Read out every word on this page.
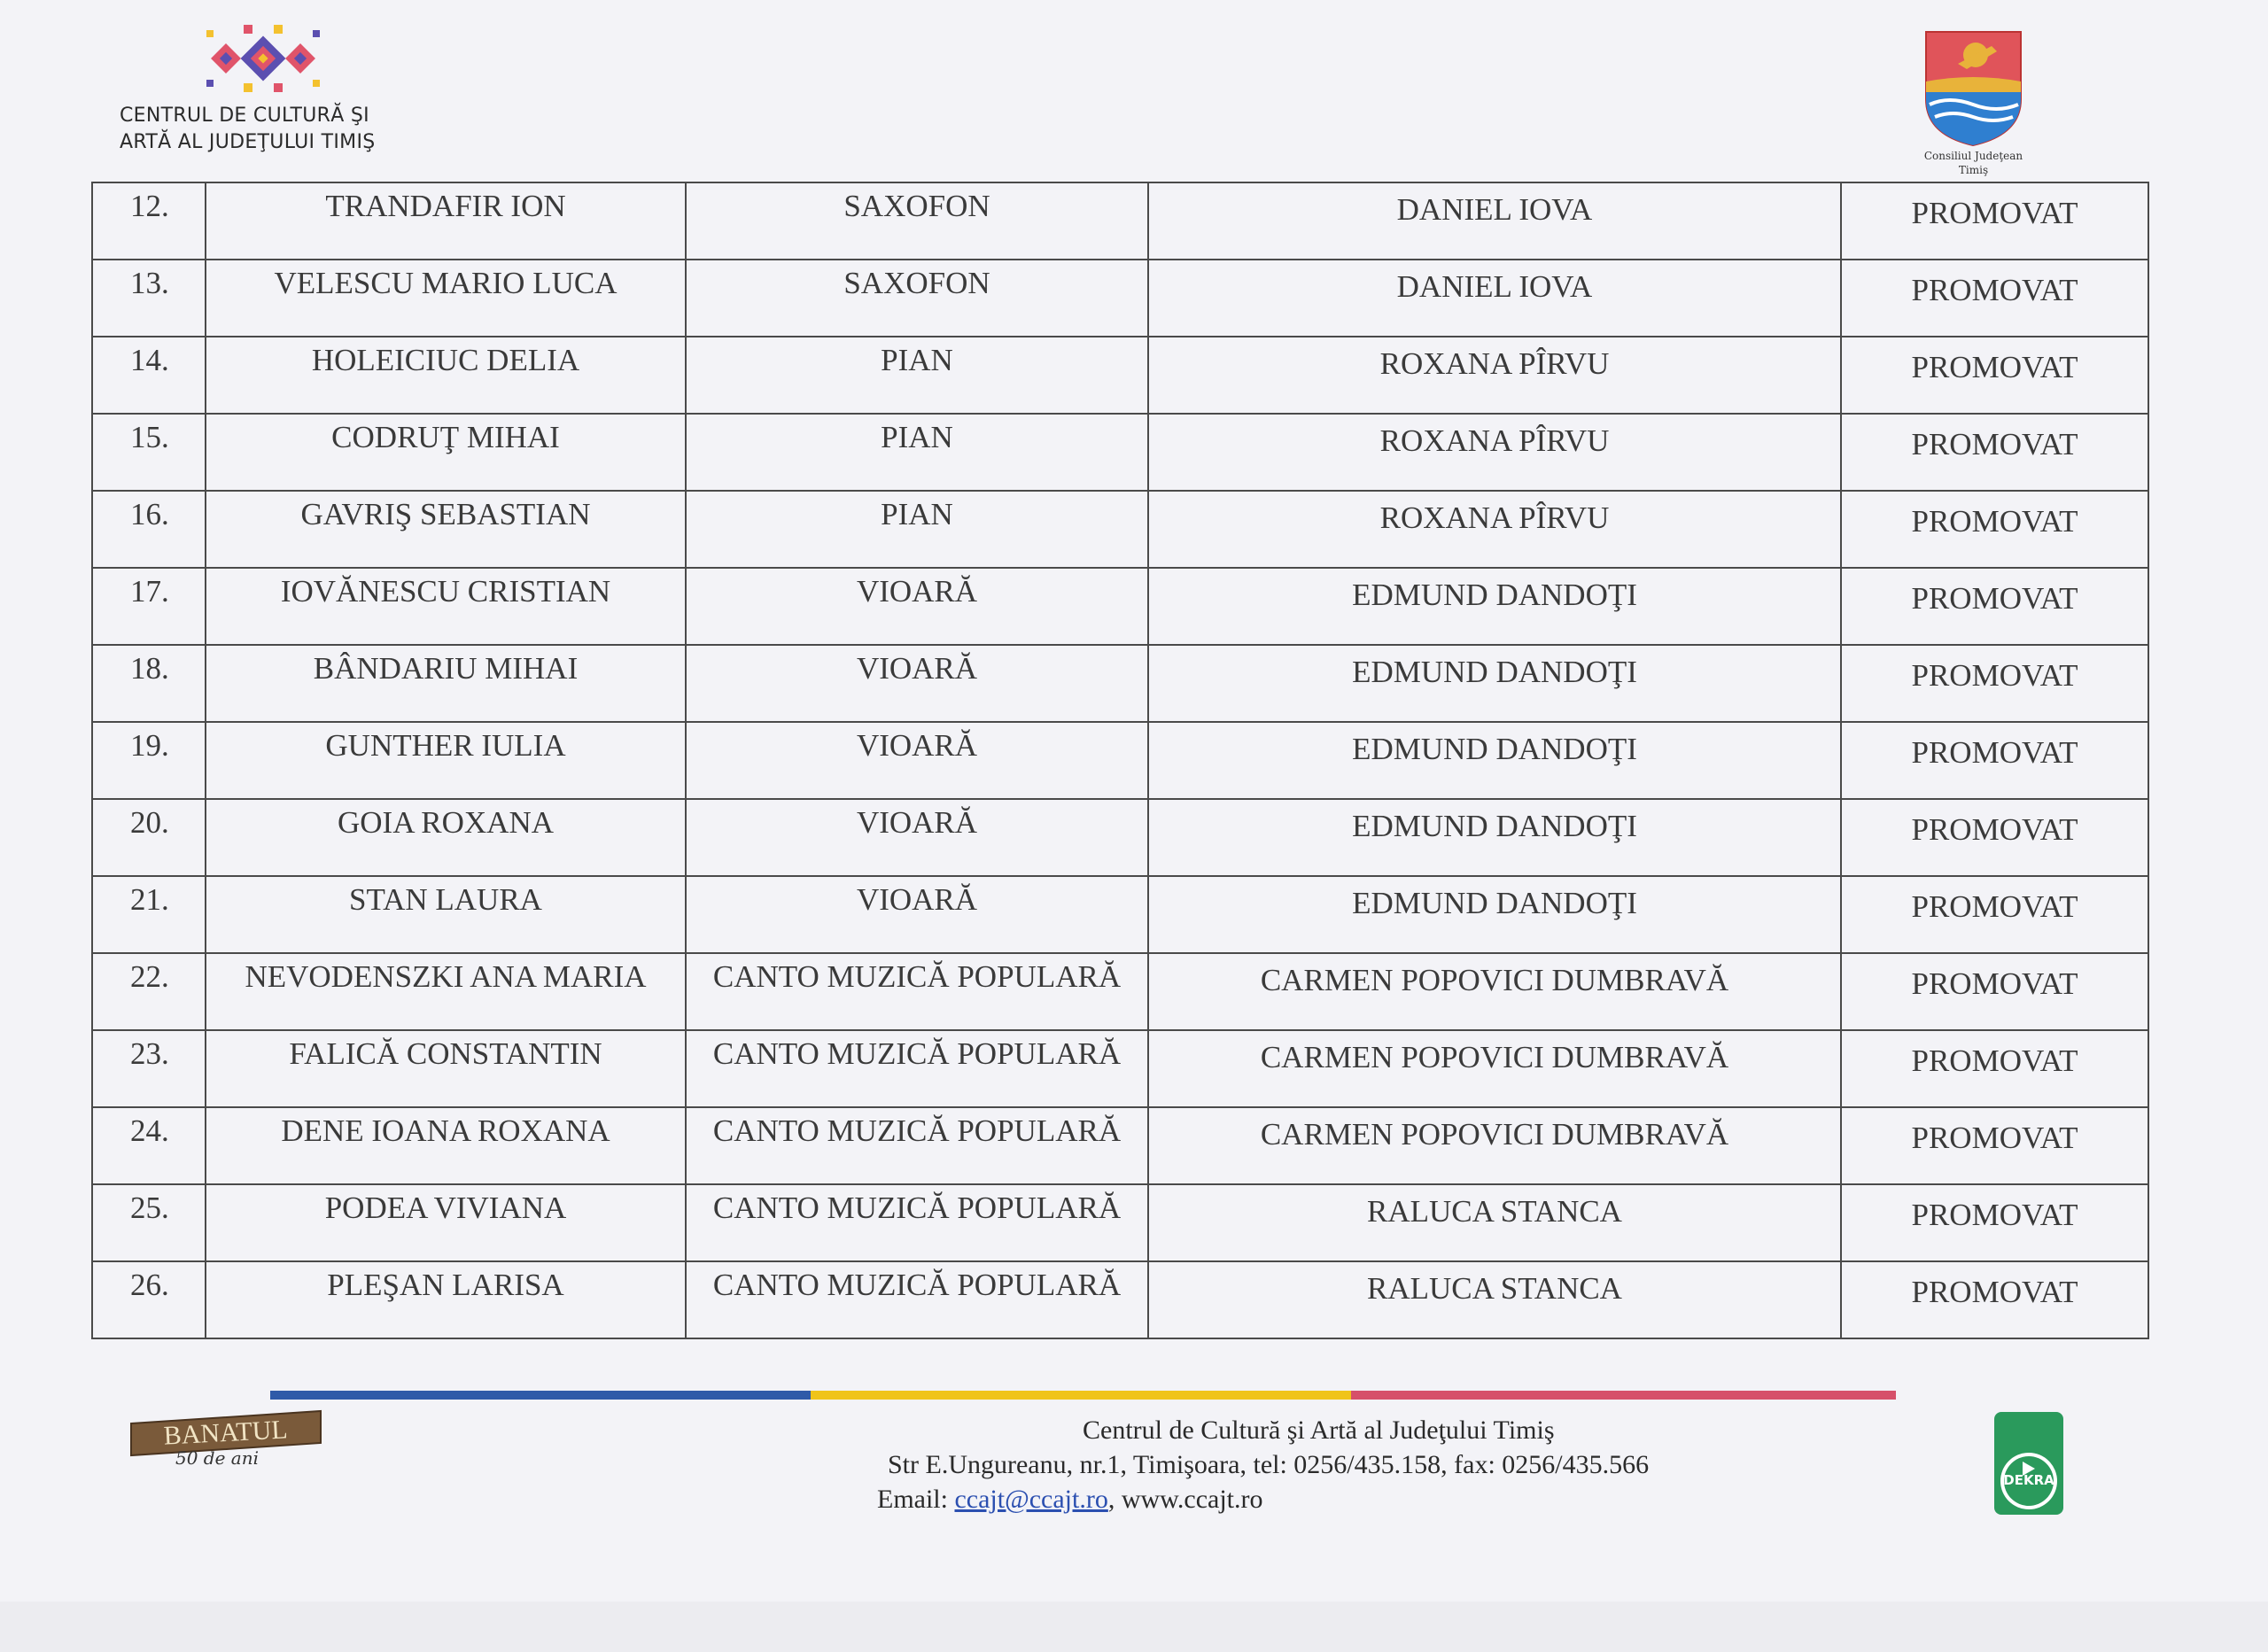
CENTRUL DE CULTURĂ ŞI
ARTĂ AL JUDEŢULUI TIMIŞ
Consiliul Judeţean
Timiş
12.	TRANDAFIR ION	SAXOFON	DANIEL IOVA	PROMOVAT

13.	VELESCU MARIO LUCA	SAXOFON	DANIEL IOVA	PROMOVAT

14.	HOLEICIUC DELIA	PIAN	ROXANA PÎRVU	PROMOVAT

15.	CODRUŢ MIHAI	PIAN	ROXANA PÎRVU	PROMOVAT

16.	GAVRIŞ SEBASTIAN	PIAN	ROXANA PÎRVU	PROMOVAT

17.	IOVĂNESCU CRISTIAN	VIOARĂ	EDMUND DANDOŢI	PROMOVAT

18.	BÂNDARIU MIHAI	VIOARĂ	EDMUND DANDOŢI	PROMOVAT

19.	GUNTHER IULIA	VIOARĂ	EDMUND DANDOŢI	PROMOVAT

20.	GOIA ROXANA	VIOARĂ	EDMUND DANDOŢI	PROMOVAT

21.	STAN LAURA	VIOARĂ	EDMUND DANDOŢI	PROMOVAT

22.	NEVODENSZKI ANA MARIA	CANTO MUZICĂ POPULARĂ	CARMEN POPOVICI DUMBRAVĂ	PROMOVAT

23.	FALICĂ CONSTANTIN	CANTO MUZICĂ POPULARĂ	CARMEN POPOVICI DUMBRAVĂ	PROMOVAT

24.	DENE IOANA ROXANA	CANTO MUZICĂ POPULARĂ	CARMEN POPOVICI DUMBRAVĂ	PROMOVAT

25.	PODEA VIVIANA	CANTO MUZICĂ POPULARĂ	RALUCA STANCA	PROMOVAT

26.	PLEŞAN LARISA	CANTO MUZICĂ POPULARĂ	RALUCA STANCA	PROMOVAT
BANATUL
50 de ani
Centrul de Cultură şi Artă al Judeţului Timiş
Str E.Ungureanu, nr.1, Timişoara, tel: 0256/435.158, fax: 0256/435.566
Email: ccajt@ccajt.ro, www.ccajt.ro
DEKRA
